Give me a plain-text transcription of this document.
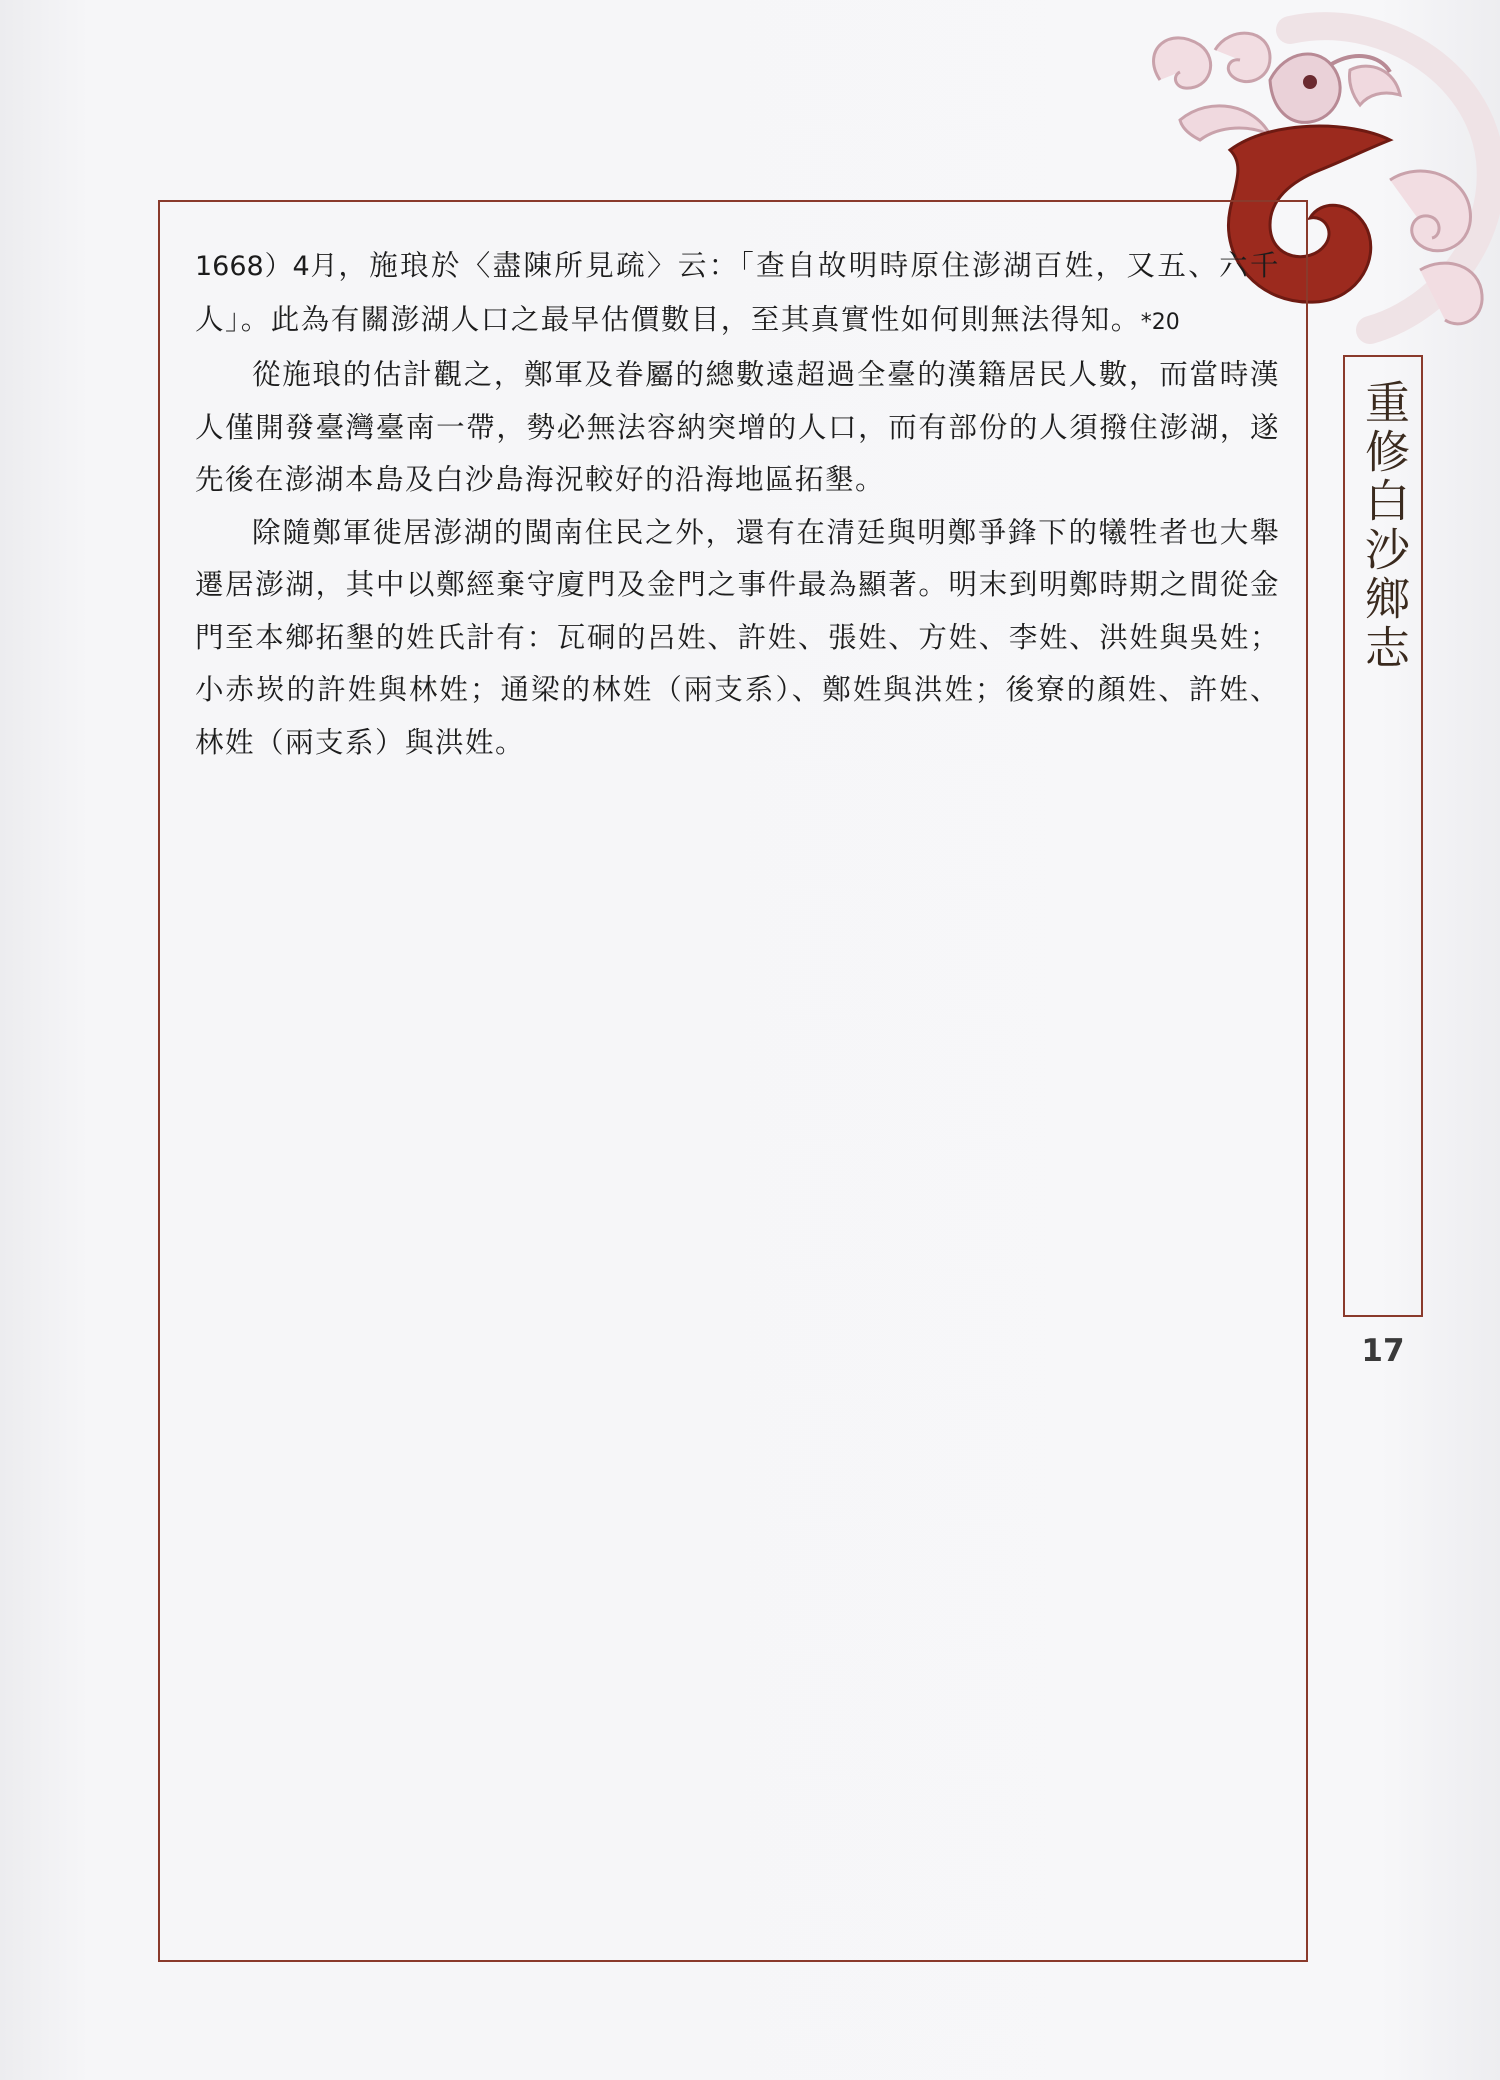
1668）4月，施琅於〈盡陳所見疏〉云：「查自故明時原住澎湖百姓，又五、六千人」。此為有關澎湖人口之最早估價數目，至其真實性如何則無法得知。*20

從施琅的估計觀之，鄭軍及眷屬的總數遠超過全臺的漢籍居民人數，而當時漢人僅開發臺灣臺南一帶，勢必無法容納突增的人口，而有部份的人須撥住澎湖，遂先後在澎湖本島及白沙島海況較好的沿海地區拓墾。

除隨鄭軍徙居澎湖的閩南住民之外，還有在清廷與明鄭爭鋒下的犧牲者也大舉遷居澎湖，其中以鄭經棄守廈門及金門之事件最為顯著。明末到明鄭時期之間從金門至本鄉拓墾的姓氏計有：瓦硐的呂姓、許姓、張姓、方姓、李姓、洪姓與吳姓；小赤崁的許姓與林姓；通梁的林姓（兩支系）、鄭姓與洪姓；後寮的顏姓、許姓、林姓（兩支系）與洪姓。

重修白沙鄉志
17
